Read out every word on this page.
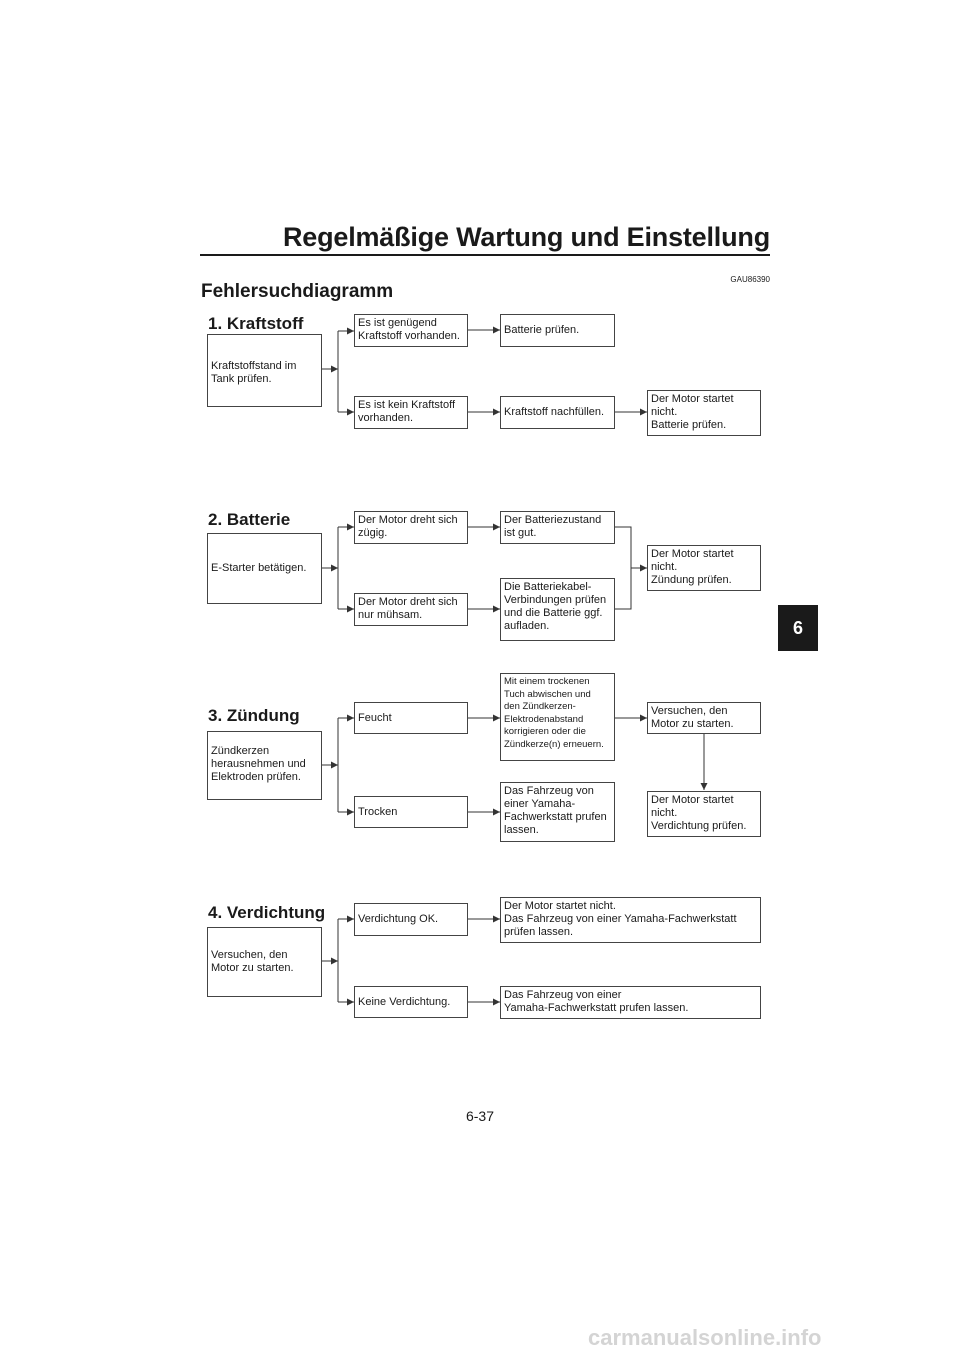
Regelmäßige Wartung und Einstellung
GAU86390
Fehlersuchdiagramm
6
1. Kraftstoff
Kraftstoffstand im
Tank prüfen.
Es ist genügend
Kraftstoff vorhanden.	Batterie prüfen.
Es ist kein Kraftstoff
vorhanden.	Kraftstoff nachfüllen.
Der Motor startet
nicht.
Batterie prüfen.
2. Batterie
E-Starter betätigen.
Der Motor dreht sich
zügig.
Der Batteriezustand
ist gut.
Der Motor dreht sich
nur mühsam.
Die Batteriekabel-
Verbindungen prüfen
und die Batterie ggf.
aufladen.
Der Motor startet
nicht.
Zündung prüfen.
3. Zündung
Zündkerzen
herausnehmen und
Elektroden prüfen.
Feucht
Mit einem trockenen
Tuch abwischen und
den Zündkerzen-
Elektrodenabstand
korrigieren oder die
Zündkerze(n) erneuern.
Trocken
Das Fahrzeug von
einer Yamaha-
Fachwerkstatt prufen
lassen.
Versuchen, den
Motor zu starten.
Der Motor startet
nicht.
Verdichtung prüfen.
4. Verdichtung
Versuchen, den
Motor zu starten.
Verdichtung OK.
Der Motor startet nicht.
Das Fahrzeug von einer Yamaha-Fachwerkstatt
prüfen lassen.
Keine Verdichtung.
Das Fahrzeug von einer
Yamaha-Fachwerkstatt prufen lassen.
6-37
carmanualsonline.info
